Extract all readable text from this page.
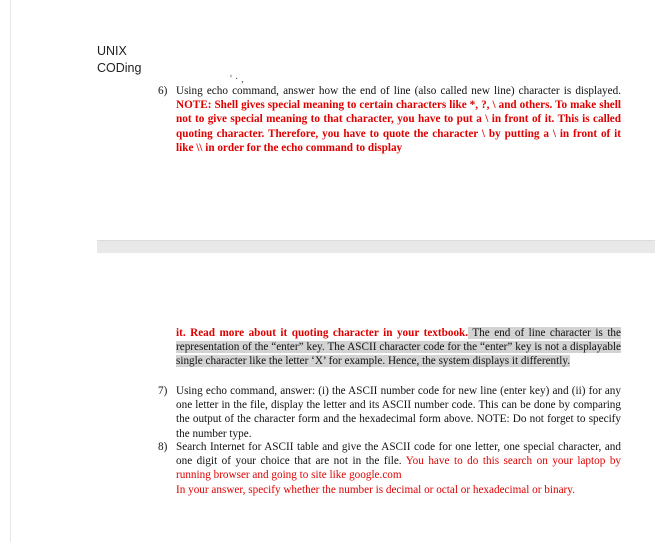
UNIX
CODing
' · ,
6) Using echo command, answer how the end of line (also called new line) character is displayed. NOTE: Shell gives special meaning to certain characters like *, ?, \ and others. To make shell not to give special meaning to that character, you have to put a \ in front of it. This is called quoting character. Therefore, you have to quote the character \ by putting a \ in front of it like \\ in order for the echo command to display
it. Read more about it quoting character in your textbook. The end of line character is the representation of the “enter” key. The ASCII character code for the “enter” key is not a displayable single character like the letter ‘X’ for example. Hence, the system displays it differently.
7) Using echo command, answer: (i) the ASCII number code for new line (enter key) and (ii) for any one letter in the file, display the letter and its ASCII number code. This can be done by comparing the output of the character form and the hexadecimal form above. NOTE: Do not forget to specify the number type.
8) Search Internet for ASCII table and give the ASCII code for one letter, one special character, and one digit of your choice that are not in the file. You have to do this search on your laptop by running browser and going to site like google.com
In your answer, specify whether the number is decimal or octal or hexadecimal or binary.
